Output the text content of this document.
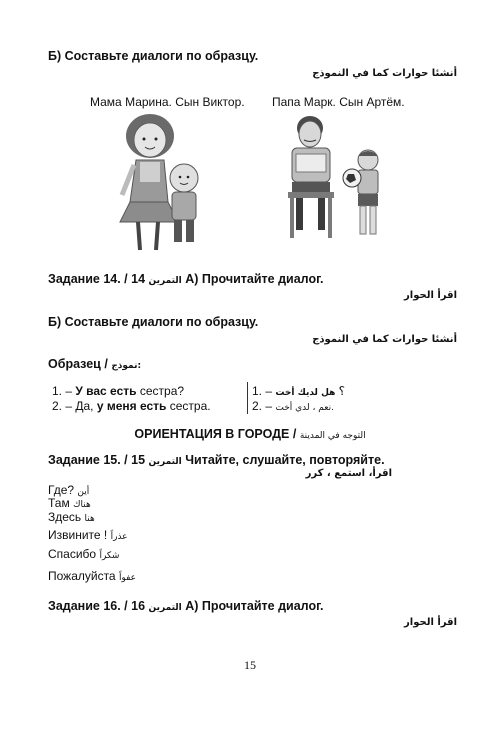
Б) Составьте диалоги по образцу.
أنشئا حوارات كما في النموذج
Мама Марина. Сын Виктор. Папа Марк. Сын Артём.
Задание 14. / 14 التمرين А) Прочитайте диалог.
اقرأ الحوار
Б) Составьте диалоги по образцу.
أنشئا حوارات كما في النموذج
Образец / نموذج:
1. – У вас есть сестра?
2. – Да, у меня есть сестра.
1. – ؟ هل لديك أخت
2. – نعم ، لدي أخت.
ОРИЕНТАЦИЯ В ГОРОДЕ / التوجه في المدينة
Задание 15. / 15 التمرين Читайте, слушайте, повторяйте.
اقرأ، استمع ، كرر
Где? أين
Там هناك
Здесь هنا
Извините ! عذراً
Спасибо شكراً
Пожалуйста عفواً
Задание 16. / 16 التمرين А) Прочитайте диалог.
اقرأ الحوار
15
